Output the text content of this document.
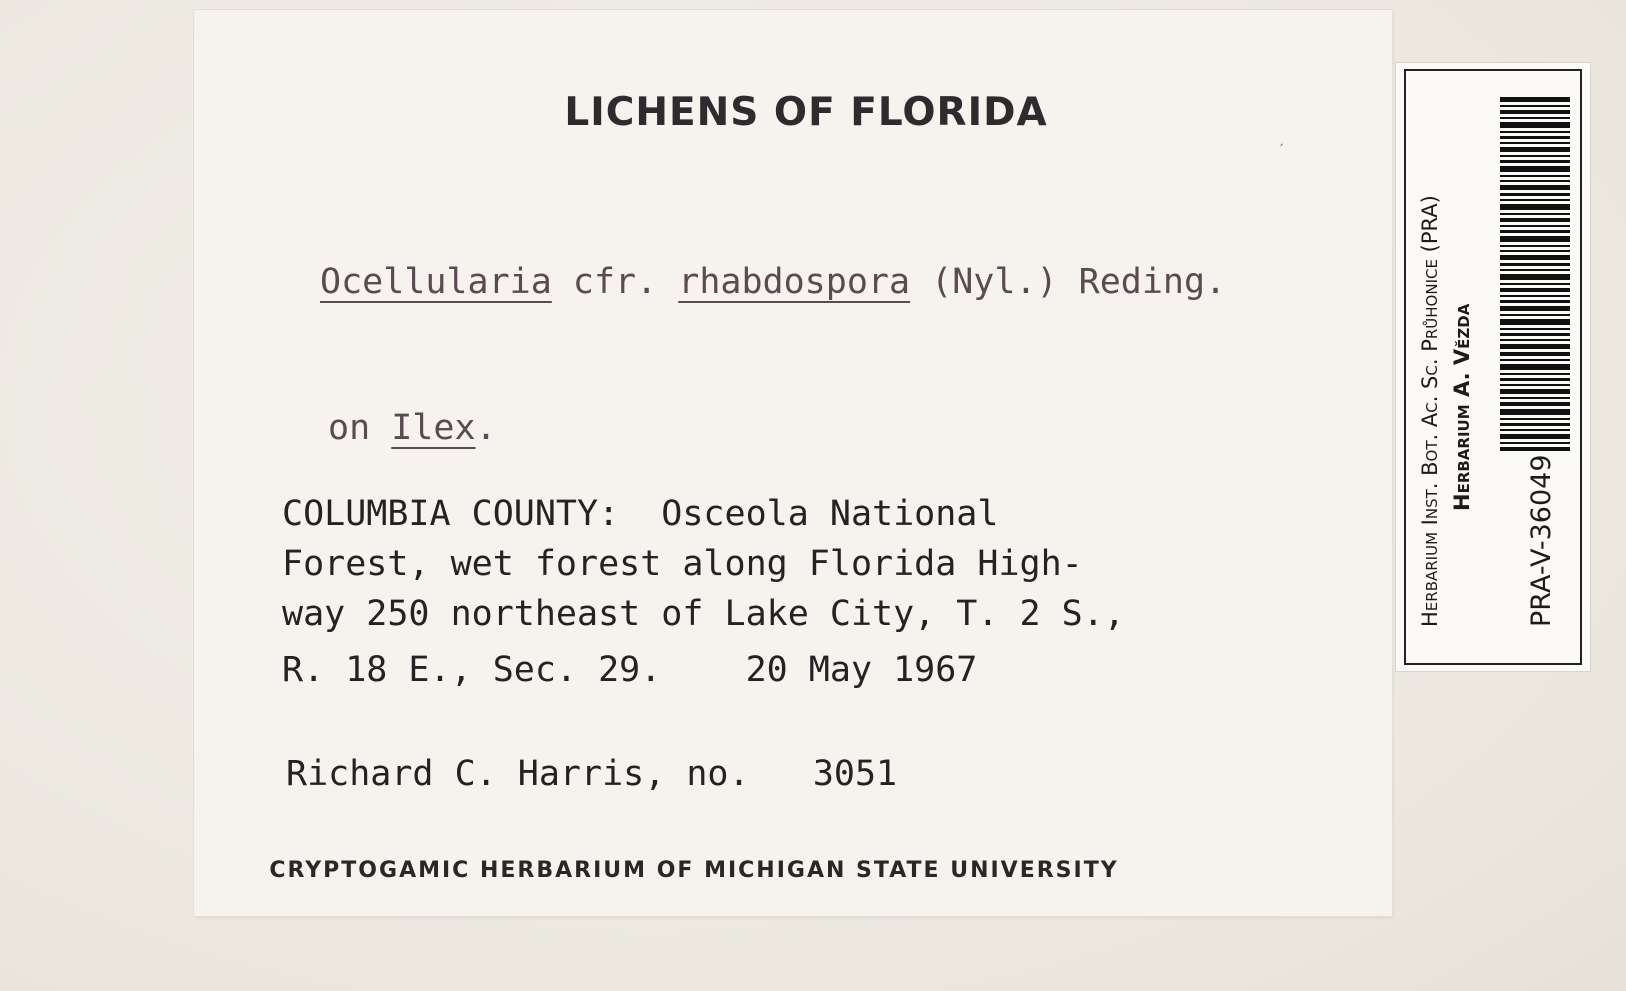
LICHENS OF FLORIDA
ˏ
Ocellularia cfr. rhabdospora (Nyl.) Reding.
on Ilex.
COLUMBIA COUNTY:  Osceola National
Forest, wet forest along Florida High-
way 250 northeast of Lake City, T. 2 S.,
R. 18 E., Sec. 29.    20 May 1967
Richard C. Harris, no. 3051
CRYPTOGAMIC HERBARIUM OF MICHIGAN STATE UNIVERSITY
Herbarium Inst. Bot. Ac. Sc. Průhonice (PRA) Herbarium A. Vězda
PRA-V-36049
